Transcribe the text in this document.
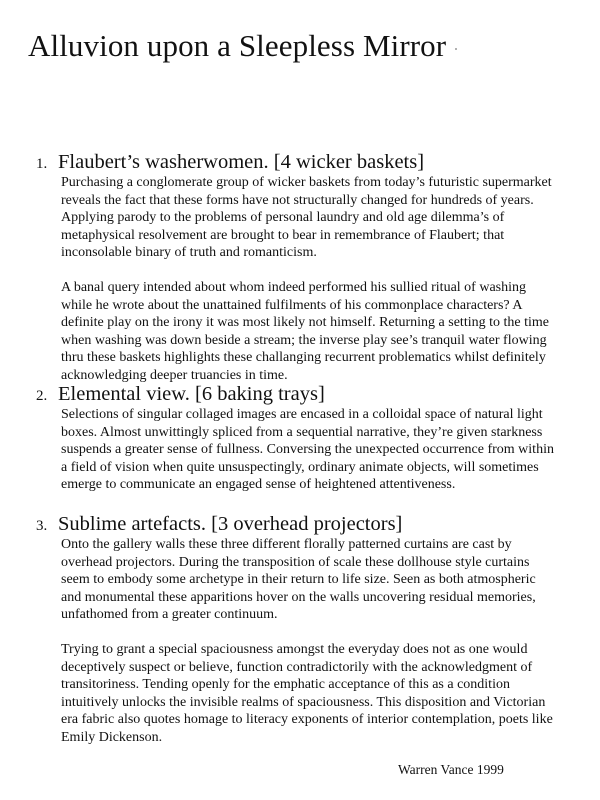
Alluvion upon a Sleepless Mirror
1. Flaubert’s washerwomen. [4 wicker baskets]

Purchasing a conglomerate group of wicker baskets from today’s futuristic supermarket reveals the fact that these forms have not structurally changed for hundreds of years. Applying parody to the problems of personal laundry and old age dilemma’s of metaphysical resolvement are brought to bear in remembrance of Flaubert; that inconsolable binary of truth and romanticism.

A banal query intended about whom indeed performed his sullied ritual of washing while he wrote about the unattained fulfilments of his commonplace characters? A definite play on the irony it was most likely not himself. Returning a setting to the time when washing was down beside a stream; the inverse play see’s tranquil water flowing thru these baskets highlights these challanging recurrent problematics whilst definitely acknowledging deeper truancies in time.

2. Elemental view. [6 baking trays]

Selections of singular collaged images are encased in a colloidal space of natural light boxes. Almost unwittingly spliced from a sequential narrative, they’re given starkness suspends a greater sense of fullness. Conversing the unexpected occurrence from within a field of vision when quite unsuspectingly, ordinary animate objects, will sometimes emerge to communicate an engaged sense of heightened attentiveness.

3. Sublime artefacts. [3 overhead projectors]

Onto the gallery walls these three different florally patterned curtains are cast by overhead projectors. During the transposition of scale these dollhouse style curtains seem to embody some archetype in their return to life size. Seen as both atmospheric and monumental these apparitions hover on the walls uncovering residual memories, unfathomed from a greater continuum.

Trying to grant a special spaciousness amongst the everyday does not as one would deceptively suspect or believe, function contradictorily with the acknowledgment of transitoriness. Tending openly for the emphatic acceptance of this as a condition intuitively unlocks the invisible realms of spaciousness. This disposition and Victorian era fabric also quotes homage to literacy exponents of interior contemplation, poets like Emily Dickenson.

Warren Vance 1999
